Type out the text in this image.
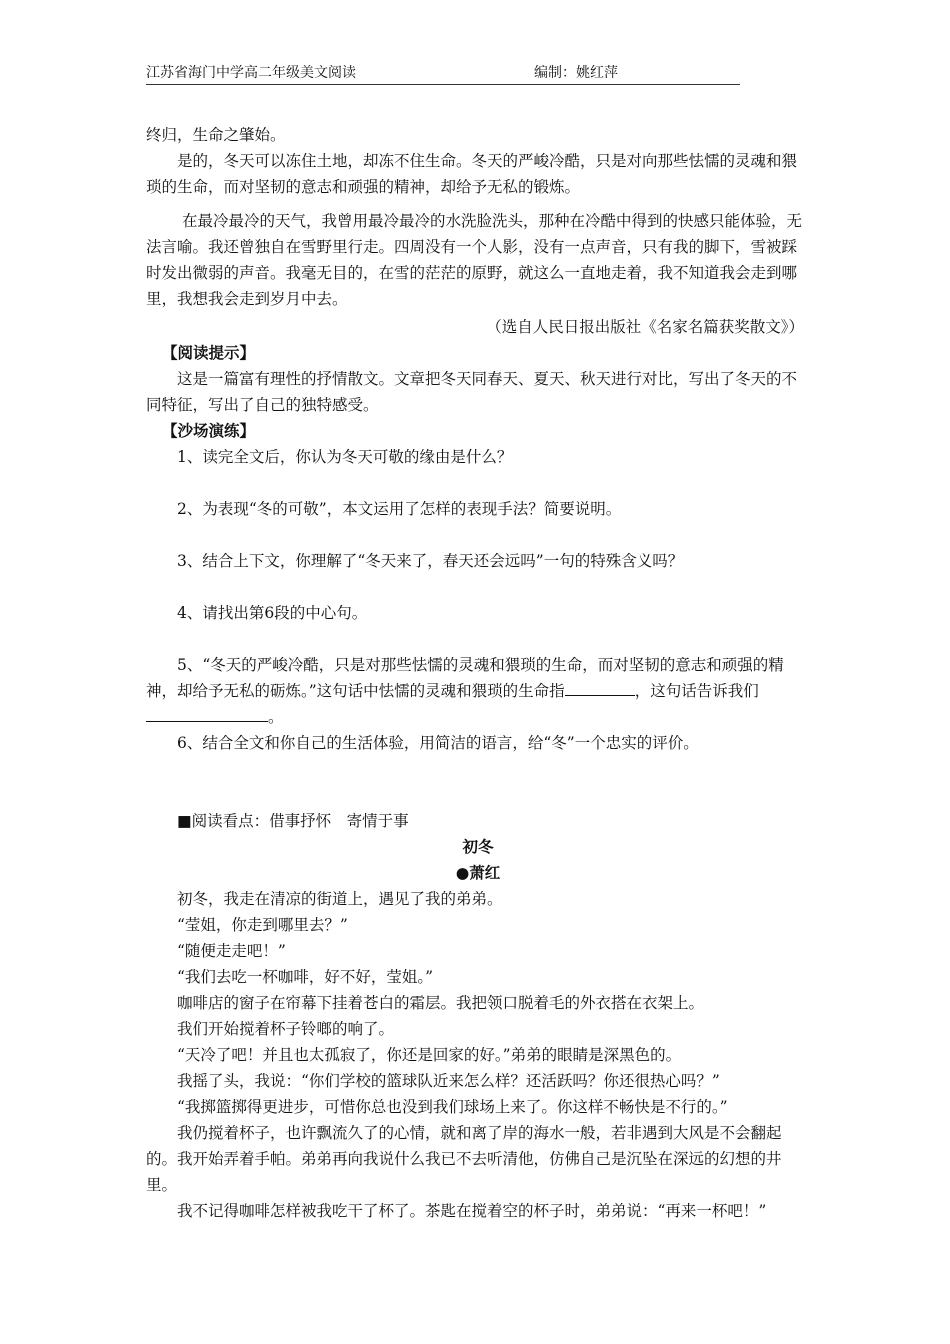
江苏省海门中学高二年级美文阅读	编制：姚红萍

终归，生命之肇始。

是的，冬天可以冻住土地，却冻不住生命。冬天的严峻冷酷，只是对向那些怯懦的灵魂和猥琐的生命，而对坚韧的意志和顽强的精神，却给予无私的锻炼。

在最冷最冷的天气，我曾用最冷最冷的水洗脸洗头，那种在冷酷中得到的快感只能体验，无法言喻。我还曾独自在雪野里行走。四周没有一个人影，没有一点声音，只有我的脚下，雪被踩时发出微弱的声音。我毫无目的，在雪的茫茫的原野，就这么一直地走着，我不知道我会走到哪里，我想我会走到岁月中去。

（选自人民日报出版社《名家名篇获奖散文》）

【阅读提示】

这是一篇富有理性的抒情散文。文章把冬天同春天、夏天、秋天进行对比，写出了冬天的不同特征，写出了自己的独特感受。

【沙场演练】

1、读完全文后，你认为冬天可敬的缘由是什么？

2、为表现“冬的可敬”，本文运用了怎样的表现手法？简要说明。

3、结合上下文，你理解了“冬天来了，春天还会远吗”一句的特殊含义吗？

4、请找出第6段的中心句。

5、“冬天的严峻冷酷，只是对那些怯懦的灵魂和猥琐的生命，而对坚韧的意志和顽强的精神，却给予无私的砺炼。”这句话中怯懦的灵魂和猥琐的生命指	，这句话告诉我们。

6、结合全文和你自己的生活体验，用简洁的语言，给“冬”一个忠实的评价。

■阅读看点：借事抒怀　寄情于事

初冬

●萧红

初冬，我走在清凉的街道上，遇见了我的弟弟。

“莹姐，你走到哪里去？”

“随便走走吧！”

“我们去吃一杯咖啡，好不好，莹姐。”

咖啡店的窗子在帘幕下挂着苍白的霜层。我把领口脱着毛的外衣搭在衣架上。

我们开始搅着杯子铃啷的响了。

“天冷了吧！并且也太孤寂了，你还是回家的好。”弟弟的眼睛是深黑色的。

我摇了头，我说：“你们学校的篮球队近来怎么样？还活跃吗？你还很热心吗？”

“我掷篮掷得更进步，可惜你总也没到我们球场上来了。你这样不畅快是不行的。”

我仍搅着杯子，也许飘流久了的心情，就和离了岸的海水一般，若非遇到大风是不会翻起的。我开始弄着手帕。弟弟再向我说什么我已不去听清他，仿佛自己是沉坠在深远的幻想的井里。

我不记得咖啡怎样被我吃干了杯了。茶匙在搅着空的杯子时，弟弟说：“再来一杯吧！”
